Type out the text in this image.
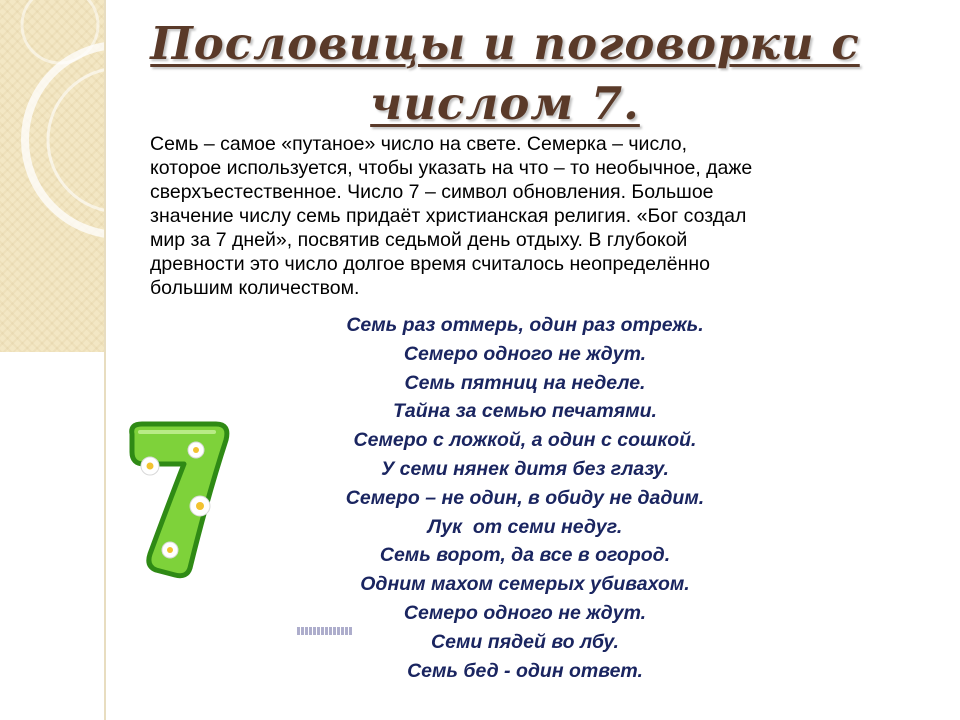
Пословицы и поговорки с числом 7.

Семь – самое «путаное» число на свете. Семерка – число,
которое используется, чтобы указать на что – то необычное, даже
сверхъестественное. Число 7 – символ обновления. Большое
значение числу семь придаёт христианская религия. «Бог создал
мир за 7 дней», посвятив седьмой день отдыху. В глубокой
древности это число долгое время считалось неопределённо
большим количеством.

Семь раз отмерь, один раз отрежь.
Семеро одного не ждут.
Семь пятниц на неделе.
Тайна за семью печатями.
Семеро с ложкой, а один с сошкой.
У семи нянек дитя без глазу.
Семеро – не один, в обиду не дадим.
Лук  от семи недуг.
Семь ворот, да все в огород.
Одним махом семерых убивахом.
Семеро одного не ждут.
Семи пядей во лбу.
Семь бед - один ответ.
